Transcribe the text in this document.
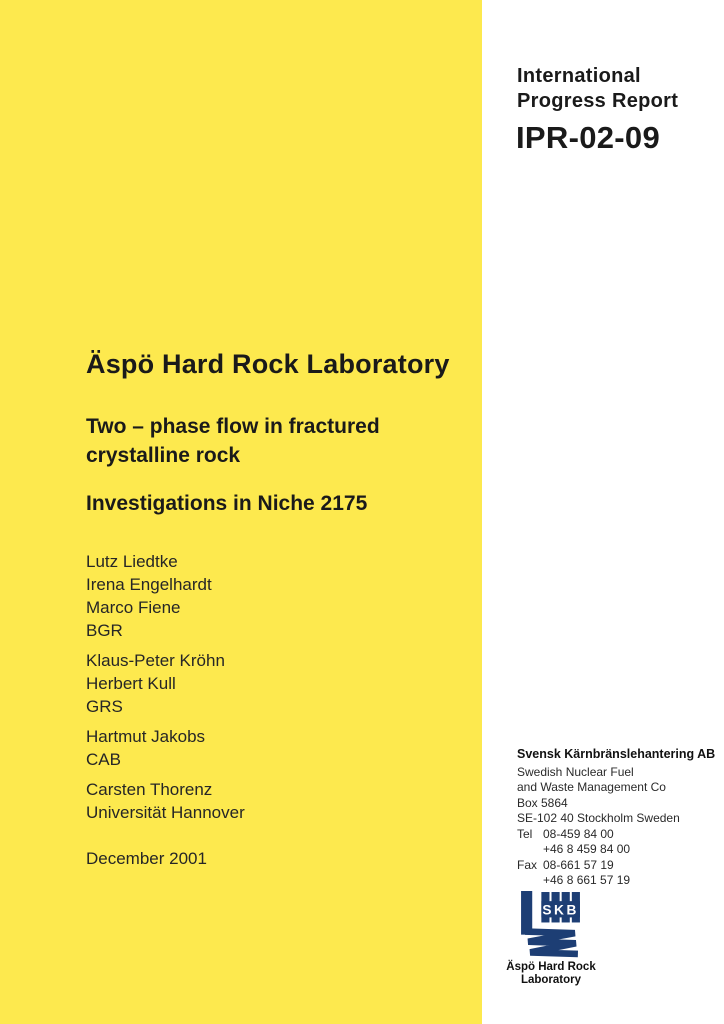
Äspö Hard Rock Laboratory
Two – phase flow in fractured crystalline rock
Investigations in Niche 2175
Lutz Liedtke
Irena Engelhardt
Marco Fiene
BGR
Klaus-Peter Kröhn
Herbert Kull
GRS
Hartmut Jakobs
CAB
Carsten Thorenz
Universität Hannover
December 2001
International
Progress Report
IPR-02-09
Svensk Kärnbränslehantering AB
Swedish Nuclear Fuel
and Waste Management Co
Box 5864
SE-102 40 Stockholm Sweden
Tel 08-459 84 00
+46 8 459 84 00
Fax 08-661 57 19
+46 8 661 57 19
SKB
Äspö Hard Rock
Laboratory
